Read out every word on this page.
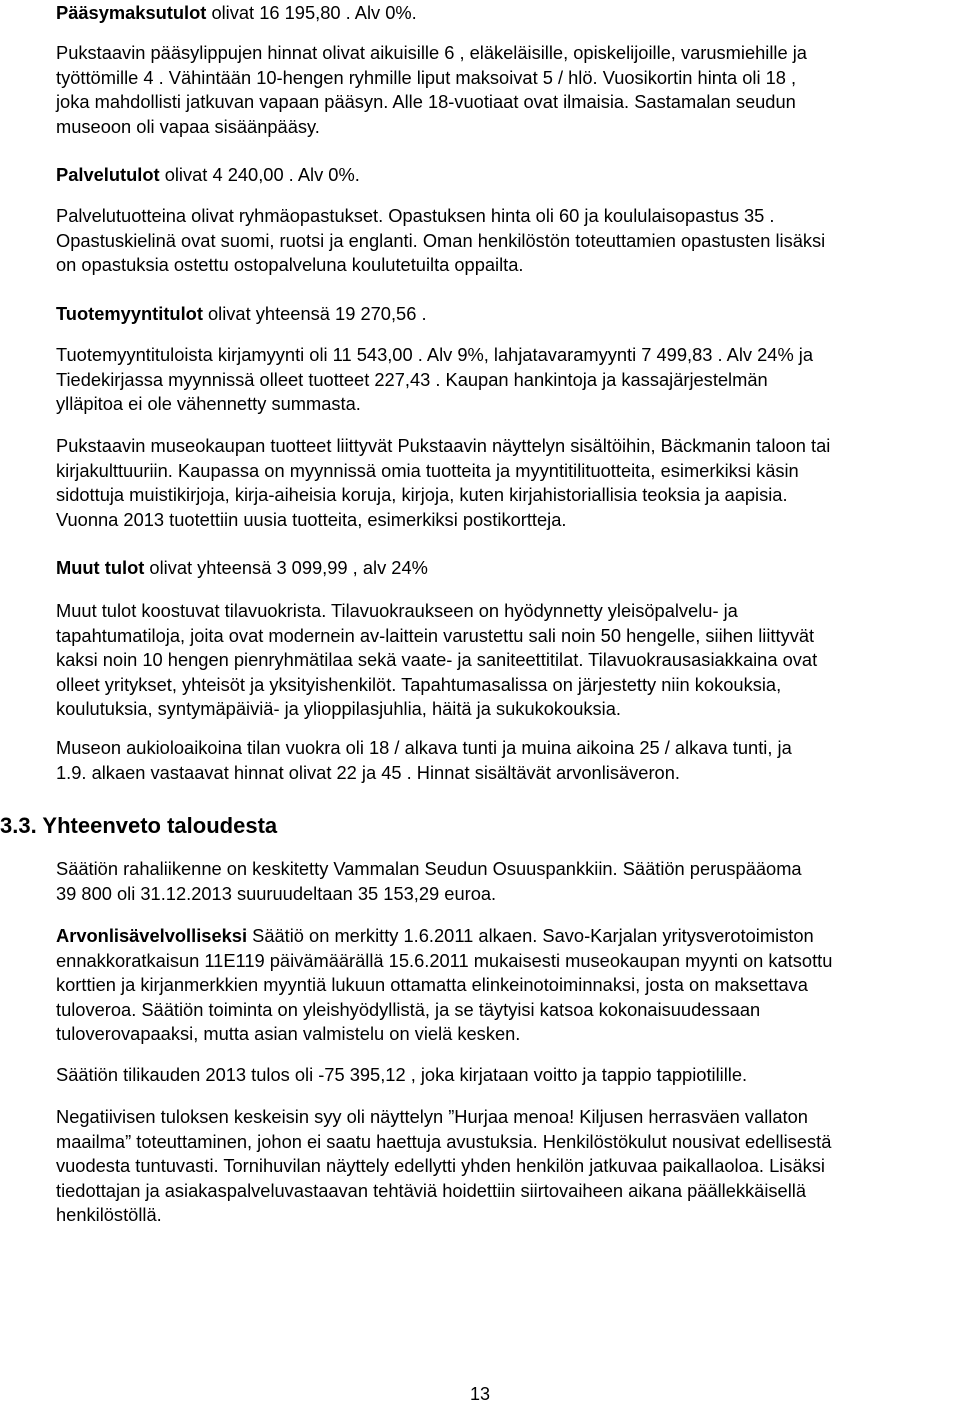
Pääsymaksutulot olivat 16 195,80 . Alv 0%.

Pukstaavin pääsylippujen hinnat olivat aikuisille 6 , eläkeläisille, opiskelijoille, varusmiehille ja
työttömille 4 . Vähintään 10-hengen ryhmille liput maksoivat 5 / hlö. Vuosikortin hinta oli 18 ,
joka mahdollisti jatkuvan vapaan pääsyn. Alle 18-vuotiaat ovat ilmaisia. Sastamalan seudun
museoon oli vapaa sisäänpääsy.

Palvelutulot olivat 4 240,00 . Alv 0%.

Palvelutuotteina olivat ryhmäopastukset. Opastuksen hinta oli 60 ja koululaisopastus 35 .
Opastuskielinä ovat suomi, ruotsi ja englanti. Oman henkilöstön toteuttamien opastusten lisäksi
on opastuksia ostettu ostopalveluna koulutetuilta oppailta.

Tuotemyyntitulot olivat yhteensä 19 270,56 .

Tuotemyyntituloista kirjamyynti oli 11 543,00 . Alv 9%, lahjatavaramyynti 7 499,83 . Alv 24% ja
Tiedekirjassa myynnissä olleet tuotteet 227,43 . Kaupan hankintoja ja kassajärjestelmän
ylläpitoa ei ole vähennetty summasta.

Pukstaavin museokaupan tuotteet liittyvät Pukstaavin näyttelyn sisältöihin, Bäckmanin taloon tai
kirjakulttuuriin. Kaupassa on myynnissä omia tuotteita ja myyntitilituotteita, esimerkiksi käsin
sidottuja muistikirjoja, kirja-aiheisia koruja, kirjoja, kuten kirjahistoriallisia teoksia ja aapisia.
Vuonna 2013 tuotettiin uusia tuotteita, esimerkiksi postikortteja.

Muut tulot olivat yhteensä 3 099,99 , alv 24%

Muut tulot koostuvat tilavuokrista. Tilavuokraukseen on hyödynnetty yleisöpalvelu- ja
tapahtumatiloja, joita ovat modernein av-laittein varustettu sali noin 50 hengelle, siihen liittyvät
kaksi noin 10 hengen pienryhmätilaa sekä vaate- ja saniteettitilat. Tilavuokrausasiakkaina ovat
olleet yritykset, yhteisöt ja yksityishenkilöt. Tapahtumasalissa on järjestetty niin kokouksia,
koulutuksia, syntymäpäiviä- ja ylioppilasjuhlia, häitä ja sukukokouksia.

Museon aukioloaikoina tilan vuokra oli 18 / alkava tunti ja muina aikoina 25 / alkava tunti, ja
1.9. alkaen vastaavat hinnat olivat 22 ja 45 . Hinnat sisältävät arvonlisäveron.

3.3. Yhteenveto taloudesta

Säätiön rahaliikenne on keskitetty Vammalan Seudun Osuuspankkiin. Säätiön peruspääoma
39 800 oli 31.12.2013 suuruudeltaan 35 153,29 euroa.

Arvonlisävelvolliseksi Säätiö on merkitty 1.6.2011 alkaen. Savo-Karjalan yritysverotoimiston
ennakkoratkaisun 11E119 päivämäärällä 15.6.2011 mukaisesti museokaupan myynti on katsottu
korttien ja kirjanmerkkien myyntiä lukuun ottamatta elinkeinotoiminnaksi, josta on maksettava
tuloveroa. Säätiön toiminta on yleishyödyllistä, ja se täytyisi katsoa kokonaisuudessaan
tuloverovapaaksi, mutta asian valmistelu on vielä kesken.

Säätiön tilikauden 2013 tulos oli -75 395,12 , joka kirjataan voitto ja tappio tappiotilille.

Negatiivisen tuloksen keskeisin syy oli näyttelyn ”Hurjaa menoa! Kiljusen herrasväen vallaton
maailma” toteuttaminen, johon ei saatu haettuja avustuksia. Henkilöstökulut nousivat edellisestä
vuodesta tuntuvasti. Tornihuvilan näyttely edellytti yhden henkilön jatkuvaa paikallaoloa. Lisäksi
tiedottajan ja asiakaspalveluvastaavan tehtäviä hoidettiin siirtovaiheen aikana päällekkäisellä
henkilöstöllä.

13
